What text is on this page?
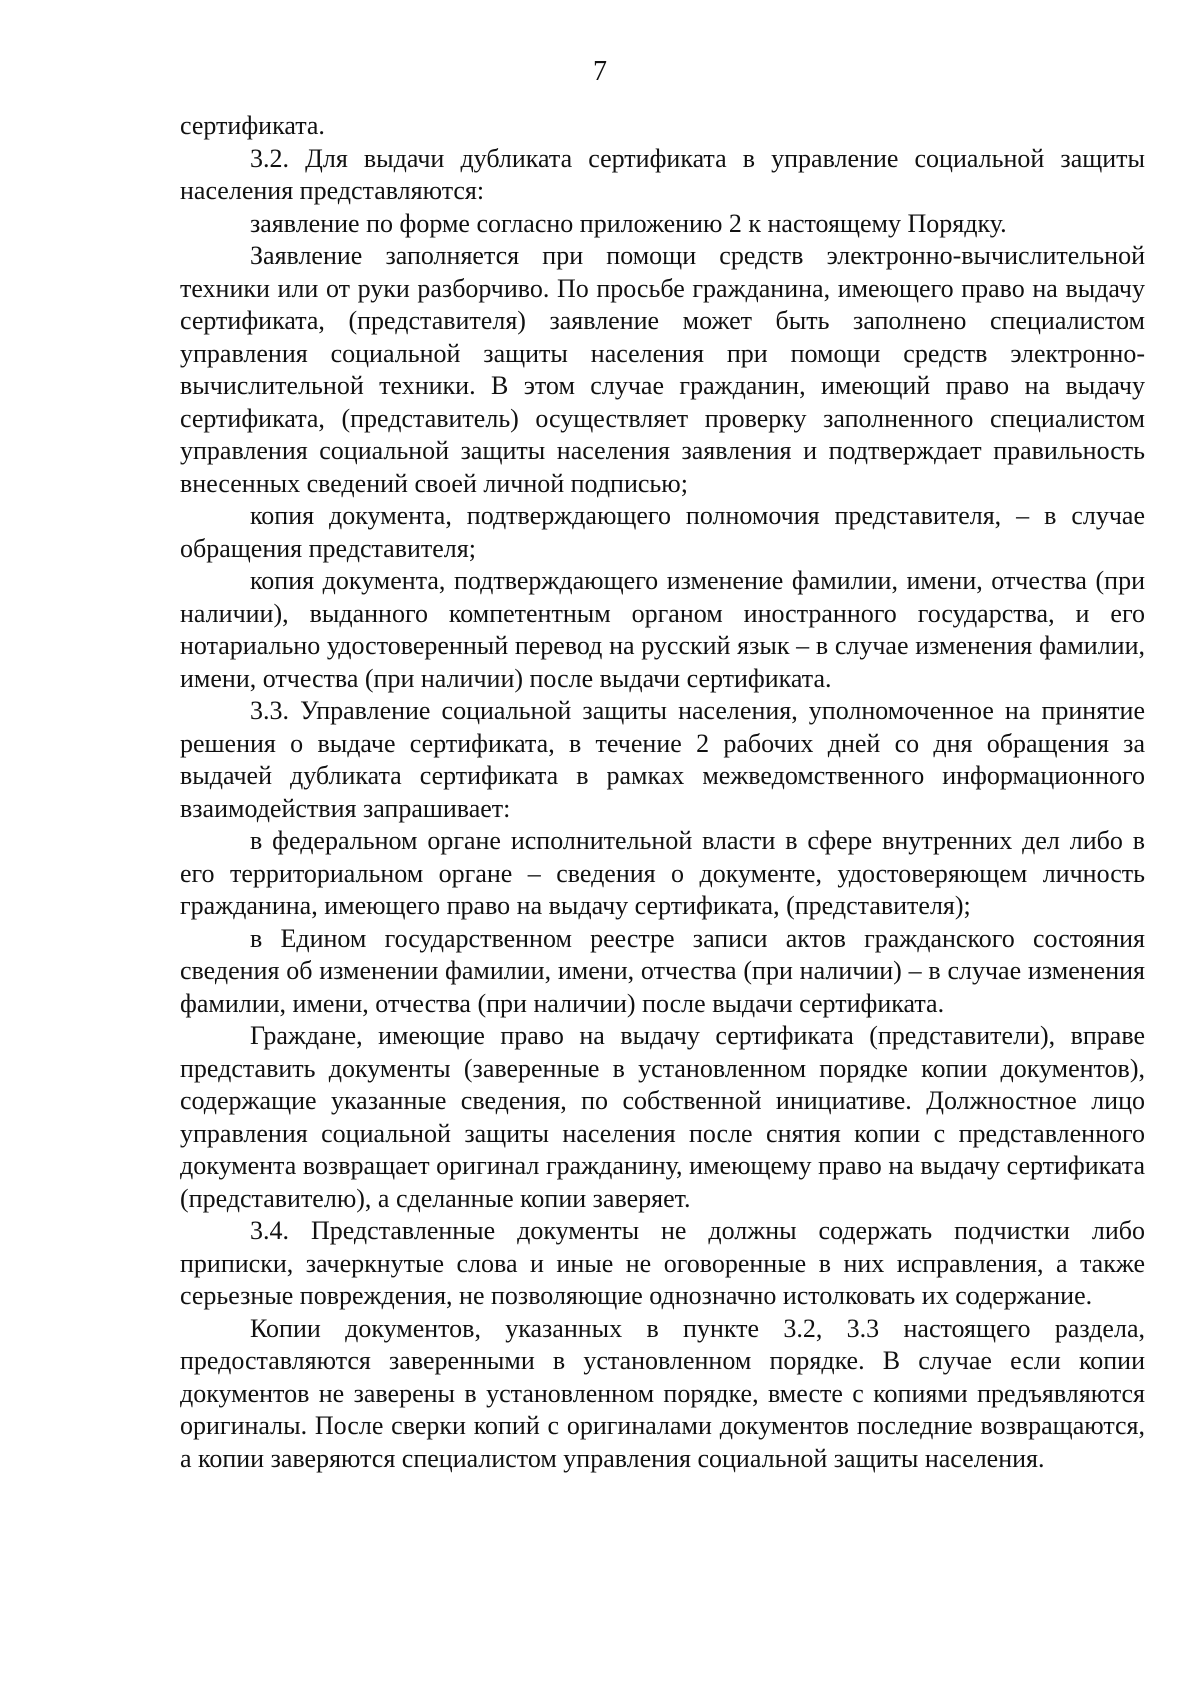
7

сертификата.

3.2. Для выдачи дубликата сертификата в управление социальной защиты населения представляются:

заявление по форме согласно приложению 2 к настоящему Порядку.

Заявление заполняется при помощи средств электронно-вычислительной техники или от руки разборчиво. По просьбе гражданина, имеющего право на выдачу сертификата, (представителя) заявление может быть заполнено специалистом управления социальной защиты населения при помощи средств электронно-вычислительной техники. В этом случае гражданин, имеющий право на выдачу сертификата, (представитель) осуществляет проверку заполненного специалистом управления социальной защиты населения заявления и подтверждает правильность внесенных сведений своей личной подписью;

копия документа, подтверждающего полномочия представителя, – в случае обращения представителя;

копия документа, подтверждающего изменение фамилии, имени, отчества (при наличии), выданного компетентным органом иностранного государства, и его нотариально удостоверенный перевод на русский язык – в случае изменения фамилии, имени, отчества (при наличии) после выдачи сертификата.

3.3. Управление социальной защиты населения, уполномоченное на принятие решения о выдаче сертификата, в течение 2 рабочих дней со дня обращения за выдачей дубликата сертификата в рамках межведомственного информационного взаимодействия запрашивает:

в федеральном органе исполнительной власти в сфере внутренних дел либо в его территориальном органе – сведения о документе, удостоверяющем личность гражданина, имеющего право на выдачу сертификата, (представителя);

в Едином государственном реестре записи актов гражданского состояния сведения об изменении фамилии, имени, отчества (при наличии) – в случае изменения фамилии, имени, отчества (при наличии) после выдачи сертификата.

Граждане, имеющие право на выдачу сертификата (представители), вправе представить документы (заверенные в установленном порядке копии документов), содержащие указанные сведения, по собственной инициативе. Должностное лицо управления социальной защиты населения после снятия копии с представленного документа возвращает оригинал гражданину, имеющему право на выдачу сертификата (представителю), а сделанные копии заверяет.

3.4. Представленные документы не должны содержать подчистки либо приписки, зачеркнутые слова и иные не оговоренные в них исправления, а также серьезные повреждения, не позволяющие однозначно истолковать их содержание.

Копии документов, указанных в пункте 3.2, 3.3 настоящего раздела, предоставляются заверенными в установленном порядке. В случае если копии документов не заверены в установленном порядке, вместе с копиями предъявляются оригиналы. После сверки копий с оригиналами документов последние возвращаются, а копии заверяются специалистом управления социальной защиты населения.
